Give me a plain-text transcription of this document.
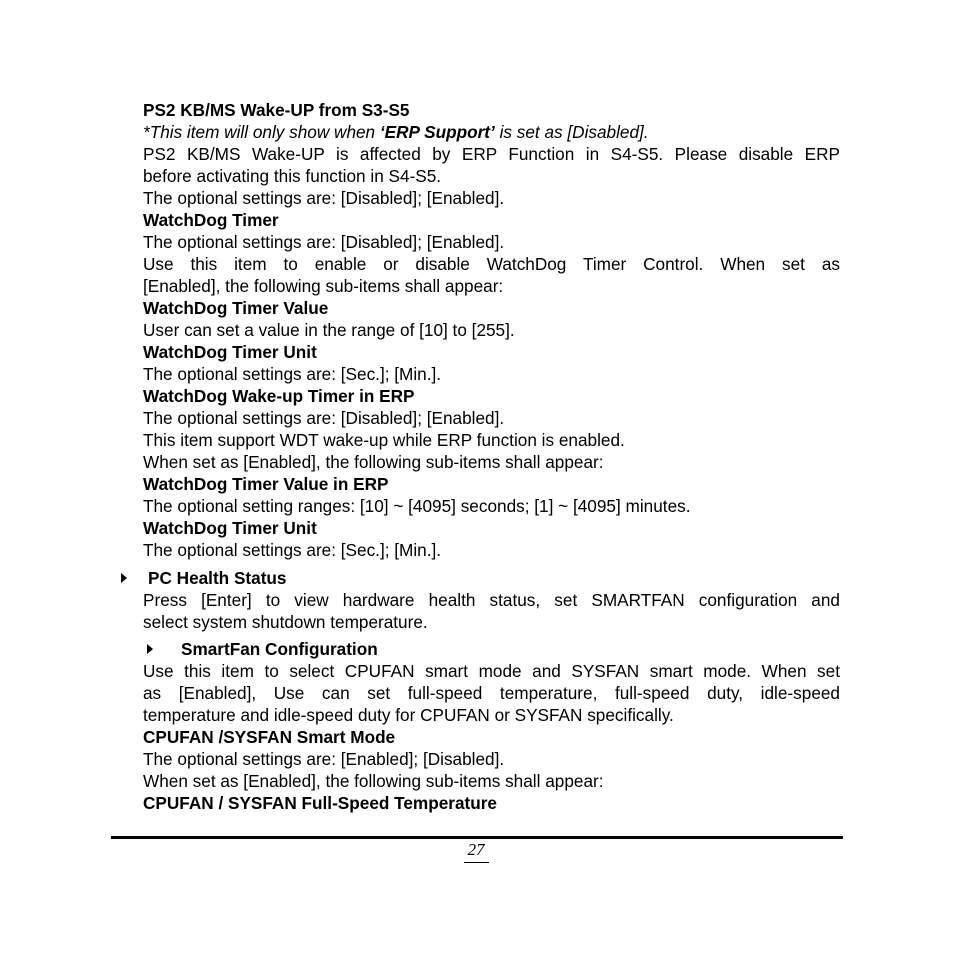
PS2 KB/MS Wake-UP from S3-S5
*This item will only show when ‘ERP Support’ is set as [Disabled].
PS2 KB/MS Wake-UP is affected by ERP Function in S4-S5. Please disable ERP
before activating this function in S4-S5.
The optional settings are: [Disabled]; [Enabled].
WatchDog Timer
The optional settings are: [Disabled]; [Enabled].
Use this item to enable or disable WatchDog Timer Control. When set as
[Enabled], the following sub-items shall appear:
WatchDog Timer Value
User can set a value in the range of [10] to [255].
WatchDog Timer Unit
The optional settings are: [Sec.]; [Min.].
WatchDog Wake-up Timer in ERP
The optional settings are: [Disabled]; [Enabled].
This item support WDT wake-up while ERP function is enabled.
When set as [Enabled], the following sub-items shall appear:
WatchDog Timer Value in ERP
The optional setting ranges: [10] ~ [4095] seconds; [1] ~ [4095] minutes.
WatchDog Timer Unit
The optional settings are: [Sec.]; [Min.].
PC Health Status
Press [Enter] to view hardware health status, set SMARTFAN configuration and
select system shutdown temperature.
SmartFan Configuration
Use this item to select CPUFAN smart mode and SYSFAN smart mode. When set
as [Enabled], Use can set full-speed temperature, full-speed duty, idle-speed
temperature and idle-speed duty for CPUFAN or SYSFAN specifically.
CPUFAN /SYSFAN Smart Mode
The optional settings are: [Enabled]; [Disabled].
When set as [Enabled], the following sub-items shall appear:
CPUFAN / SYSFAN Full-Speed Temperature
27
